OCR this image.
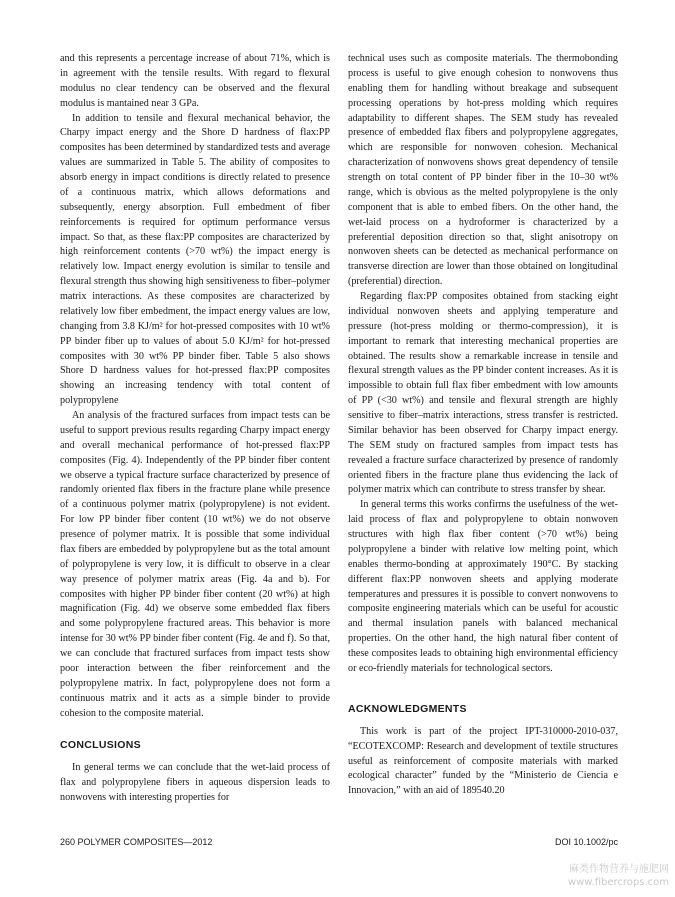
and this represents a percentage increase of about 71%, which is in agreement with the tensile results. With regard to flexural modulus no clear tendency can be observed and the flexural modulus is mantained near 3 GPa.

In addition to tensile and flexural mechanical behavior, the Charpy impact energy and the Shore D hardness of flax:PP composites has been determined by standardized tests and average values are summarized in Table 5. The ability of composites to absorb energy in impact conditions is directly related to presence of a continuous matrix, which allows deformations and subsequently, energy absorption. Full embedment of fiber reinforcements is required for optimum performance versus impact. So that, as these flax:PP composites are characterized by high reinforcement contents (>70 wt%) the impact energy is relatively low. Impact energy evolution is similar to tensile and flexural strength thus showing high sensitiveness to fiber–polymer matrix interactions. As these composites are characterized by relatively low fiber embedment, the impact energy values are low, changing from 3.8 KJ/m² for hot-pressed composites with 10 wt% PP binder fiber up to values of about 5.0 KJ/m² for hot-pressed composites with 30 wt% PP binder fiber. Table 5 also shows Shore D hardness values for hot-pressed flax:PP composites showing an increasing tendency with total content of polypropylene

An analysis of the fractured surfaces from impact tests can be useful to support previous results regarding Charpy impact energy and overall mechanical performance of hot-pressed flax:PP composites (Fig. 4). Independently of the PP binder fiber content we observe a typical fracture surface characterized by presence of randomly oriented flax fibers in the fracture plane while presence of a continuous polymer matrix (polypropylene) is not evident. For low PP binder fiber content (10 wt%) we do not observe presence of polymer matrix. It is possible that some individual flax fibers are embedded by polypropylene but as the total amount of polypropylene is very low, it is difficult to observe in a clear way presence of polymer matrix areas (Fig. 4a and b). For composites with higher PP binder fiber content (20 wt%) at high magnification (Fig. 4d) we observe some embedded flax fibers and some polypropylene fractured areas. This behavior is more intense for 30 wt% PP binder fiber content (Fig. 4e and f). So that, we can conclude that fractured surfaces from impact tests show poor interaction between the fiber reinforcement and the polypropylene matrix. In fact, polypropylene does not form a continuous matrix and it acts as a simple binder to provide cohesion to the composite material.

CONCLUSIONS

In general terms we can conclude that the wet-laid process of flax and polypropylene fibers in aqueous dispersion leads to nonwovens with interesting properties for

technical uses such as composite materials. The thermobonding process is useful to give enough cohesion to nonwovens thus enabling them for handling without breakage and subsequent processing operations by hot-press molding which requires adaptability to different shapes. The SEM study has revealed presence of embedded flax fibers and polypropylene aggregates, which are responsible for nonwoven cohesion. Mechanical characterization of nonwovens shows great dependency of tensile strength on total content of PP binder fiber in the 10–30 wt% range, which is obvious as the melted polypropylene is the only component that is able to embed fibers. On the other hand, the wet-laid process on a hydroformer is characterized by a preferential deposition direction so that, slight anisotropy on nonwoven sheets can be detected as mechanical performance on transverse direction are lower than those obtained on longitudinal (preferential) direction.

Regarding flax:PP composites obtained from stacking eight individual nonwoven sheets and applying temperature and pressure (hot-press molding or thermo-compression), it is important to remark that interesting mechanical properties are obtained. The results show a remarkable increase in tensile and flexural strength values as the PP binder content increases. As it is impossible to obtain full flax fiber embedment with low amounts of PP (<30 wt%) and tensile and flexural strength are highly sensitive to fiber–matrix interactions, stress transfer is restricted. Similar behavior has been observed for Charpy impact energy. The SEM study on fractured samples from impact tests has revealed a fracture surface characterized by presence of randomly oriented fibers in the fracture plane thus evidencing the lack of polymer matrix which can contribute to stress transfer by shear.

In general terms this works confirms the usefulness of the wet-laid process of flax and polypropylene to obtain nonwoven structures with high flax fiber content (>70 wt%) being polypropylene a binder with relative low melting point, which enables thermo-bonding at approximately 190°C. By stacking different flax:PP nonwoven sheets and applying moderate temperatures and pressures it is possible to convert nonwovens to composite engineering materials which can be useful for acoustic and thermal insulation panels with balanced mechanical properties. On the other hand, the high natural fiber content of these composites leads to obtaining high environmental efficiency or eco-friendly materials for technological sectors.

ACKNOWLEDGMENTS

This work is part of the project IPT-310000-2010-037, “ECOTEXCOMP: Research and development of textile structures useful as reinforcement of composite materials with marked ecological character” funded by the “Ministerio de Ciencia e Innovacion,” with an aid of 189540.20

260 POLYMER COMPOSITES—2012	DOI 10.1002/pc
麻类作物营养与施肥网
www.fibercrops.com
